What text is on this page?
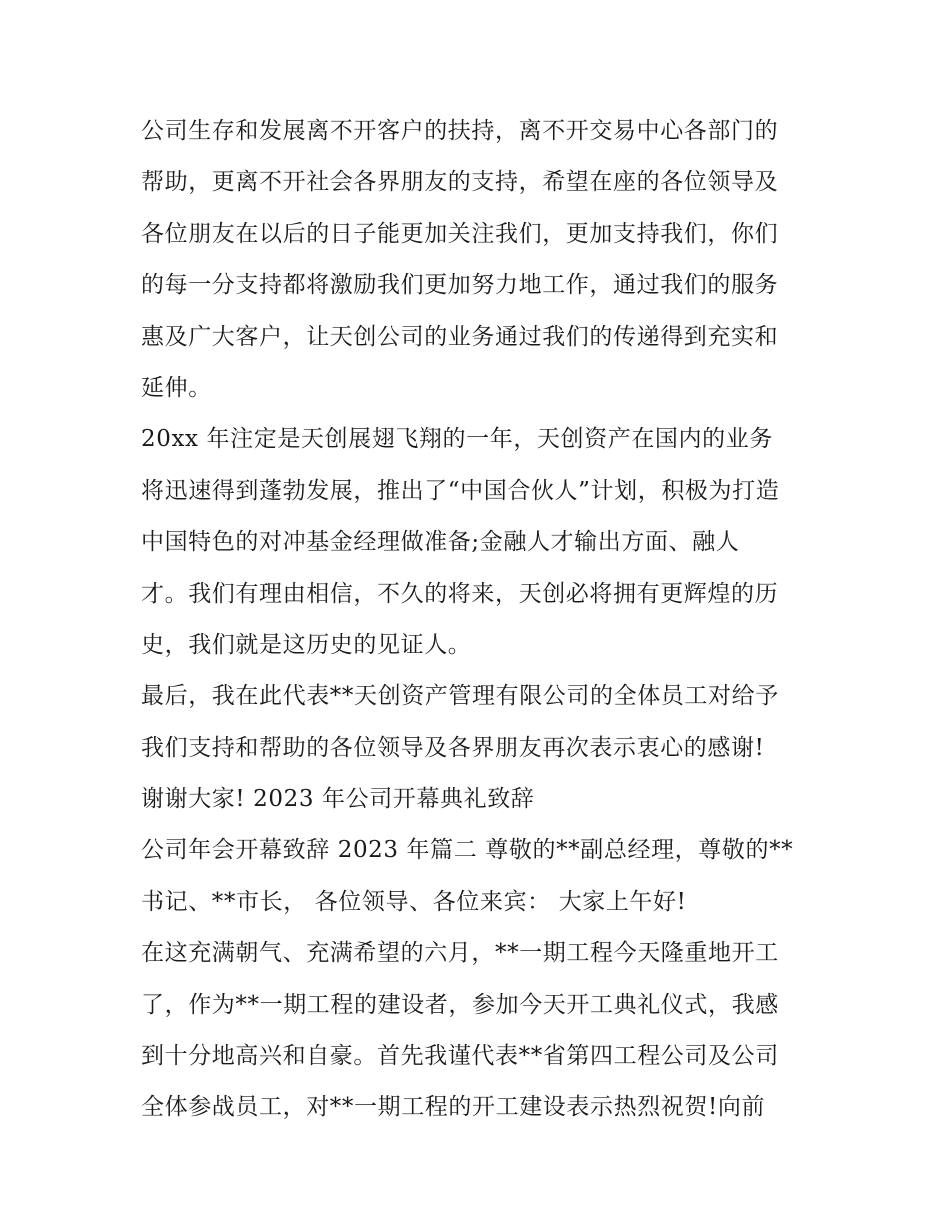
公司生存和发展离不开客户的扶持，离不开交易中心各部门的
帮助，更离不开社会各界朋友的支持，希望在座的各位领导及
各位朋友在以后的日子能更加关注我们，更加支持我们，你们
的每一分支持都将激励我们更加努力地工作，通过我们的服务
惠及广大客户，让天创公司的业务通过我们的传递得到充实和
延伸。
20xx 年注定是天创展翅飞翔的一年，天创资产在国内的业务
将迅速得到蓬勃发展，推出了“中国合伙人”计划，积极为打造
中国特色的对冲基金经理做准备;金融人才输出方面、融人
才。我们有理由相信，不久的将来，天创必将拥有更辉煌的历
史，我们就是这历史的见证人。
最后，我在此代表**天创资产管理有限公司的全体员工对给予
我们支持和帮助的各位领导及各界朋友再次表示衷心的感谢!
谢谢大家! 2023 年公司开幕典礼致辞
公司年会开幕致辞 2023 年篇二 尊敬的**副总经理，尊敬的**
书记、**市长， 各位领导、各位来宾： 大家上午好!
在这充满朝气、充满希望的六月，**一期工程今天隆重地开工
了，作为**一期工程的建设者，参加今天开工典礼仪式，我感
到十分地高兴和自豪。首先我谨代表**省第四工程公司及公司
全体参战员工，对**一期工程的开工建设表示热烈祝贺!向前
